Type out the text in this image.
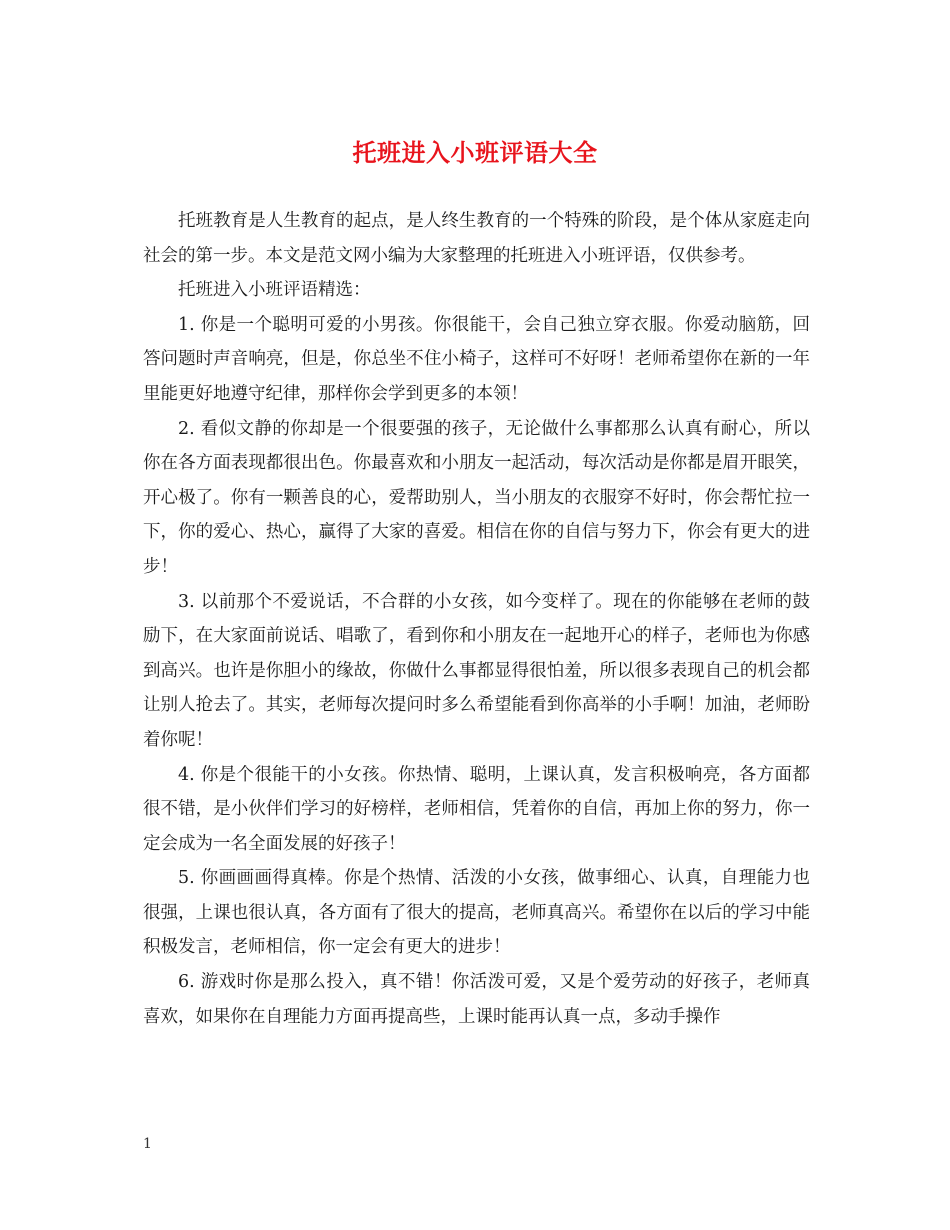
托班进入小班评语大全

托班教育是人生教育的起点，是人终生教育的一个特殊的阶段，是个体从家庭走向社会的第一步。本文是范文网小编为大家整理的托班进入小班评语，仅供参考。

托班进入小班评语精选：

1. 你是一个聪明可爱的小男孩。你很能干，会自己独立穿衣服。你爱动脑筋，回答问题时声音响亮，但是，你总坐不住小椅子，这样可不好呀！老师希望你在新的一年里能更好地遵守纪律，那样你会学到更多的本领！

2. 看似文静的你却是一个很要强的孩子，无论做什么事都那么认真有耐心，所以你在各方面表现都很出色。你最喜欢和小朋友一起活动，每次活动是你都是眉开眼笑，开心极了。你有一颗善良的心，爱帮助别人，当小朋友的衣服穿不好时，你会帮忙拉一下，你的爱心、热心，赢得了大家的喜爱。相信在你的自信与努力下，你会有更大的进步！

3. 以前那个不爱说话，不合群的小女孩，如今变样了。现在的你能够在老师的鼓励下，在大家面前说话、唱歌了，看到你和小朋友在一起地开心的样子，老师也为你感到高兴。也许是你胆小的缘故，你做什么事都显得很怕羞，所以很多表现自己的机会都让别人抢去了。其实，老师每次提问时多么希望能看到你高举的小手啊！加油，老师盼着你呢！

4. 你是个很能干的小女孩。你热情、聪明，上课认真，发言积极响亮，各方面都很不错，是小伙伴们学习的好榜样，老师相信，凭着你的自信，再加上你的努力，你一定会成为一名全面发展的好孩子！

5. 你画画画得真棒。你是个热情、活泼的小女孩，做事细心、认真，自理能力也很强，上课也很认真，各方面有了很大的提高，老师真高兴。希望你在以后的学习中能积极发言，老师相信，你一定会有更大的进步！

6. 游戏时你是那么投入，真不错！你活泼可爱，又是个爱劳动的好孩子，老师真喜欢，如果你在自理能力方面再提高些，上课时能再认真一点，多动手操作

1
